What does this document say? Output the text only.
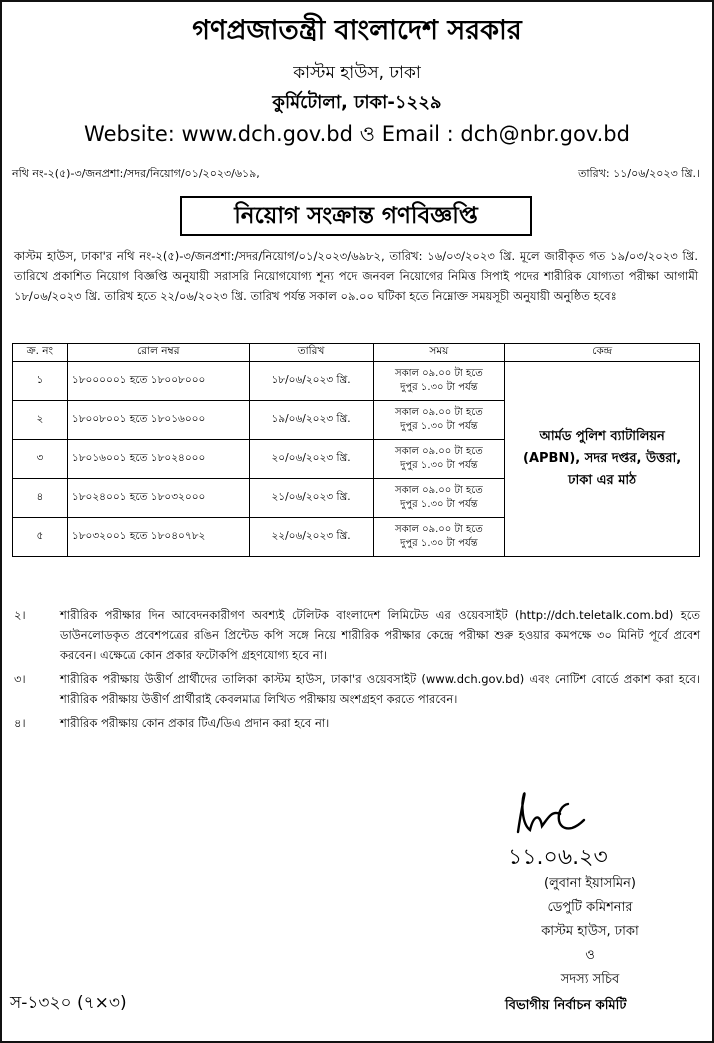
গণপ্রজাতন্ত্রী বাংলাদেশ সরকার
কাস্টম হাউস, ঢাকা
কুর্মিটোলা, ঢাকা-১২২৯
Website: www.dch.gov.bd ও Email : dch@nbr.gov.bd
নথি নং-২(৫)-৩/জনপ্রশা:/সদর/নিয়োগ/০১/২০২৩/৬১৯,	তারিখ: ১১/০৬/২০২৩ খ্রি.।
নিয়োগ সংক্রান্ত গণবিজ্ঞপ্তি
কাস্টম হাউস, ঢাকা'র নথি নং-২(৫)-৩/জনপ্রশা:/সদর/নিয়োগ/০১/২০২৩/৬৯৮২, তারিখ: ১৬/০৩/২০২৩ খ্রি. মূলে জারীকৃত গত ১৯/০৩/২০২৩ খ্রি. তারিখে প্রকাশিত নিয়োগ বিজ্ঞপ্তি অনুযায়ী সরাসরি নিয়োগযোগ্য শূন্য পদে জনবল নিয়োগের নিমিত্ত সিপাই পদের শারীরিক যোগ্যতা পরীক্ষা আগামী ১৮/০৬/২০২৩ খ্রি. তারিখ হতে ২২/০৬/২০২৩ খ্রি. তারিখ পর্যন্ত সকাল ০৯.০০ ঘটিকা হতে নিম্নোক্ত সময়সূচী অনুযায়ী অনুষ্ঠিত হবেঃ
ক্র. নং	রোল নম্বর	তারিখ	সময়	কেন্দ্র
১	১৮০০০০০১ হতে ১৮০০৮০০০	১৮/০৬/২০২৩ খ্রি.	সকাল ০৯.০০ টা হতে
দুপুর ১.৩০ টা পর্যন্ত	আর্মড পুলিশ ব্যাটালিয়ন (APBN), সদর দপ্তর, উত্তরা, ঢাকা এর মাঠ
২	১৮০০৮০০১ হতে ১৮০১৬০০০	১৯/০৬/২০২৩ খ্রি.	সকাল ০৯.০০ টা হতে
দুপুর ১.৩০ টা পর্যন্ত	

৩	১৮০১৬০০১ হতে ১৮০২৪০০০	২০/০৬/২০২৩ খ্রি.	সকাল ০৯.০০ টা হতে
দুপুর ১.৩০ টা পর্যন্ত	

৪	১৮০২৪০০১ হতে ১৮০৩২০০০	২১/০৬/২০২৩ খ্রি.	সকাল ০৯.০০ টা হতে
দুপুর ১.৩০ টা পর্যন্ত	

৫	১৮০৩২০০১ হতে ১৮০৪০৭৮২	২২/০৬/২০২৩ খ্রি.	সকাল ০৯.০০ টা হতে
দুপুর ১.৩০ টা পর্যন্ত	
২।	শারীরিক পরীক্ষার দিন আবেদনকারীগণ অবশ্যই টেলিটক বাংলাদেশ লিমিটেড এর ওয়েবসাইট (http://dch.teletalk.com.bd) হতে ডাউনলোডকৃত প্রবেশপত্রের রঙিন প্রিন্টেড কপি সঙ্গে নিয়ে শারীরিক পরীক্ষার কেন্দ্রে পরীক্ষা শুরু হওয়ার কমপক্ষে ৩০ মিনিট পূর্বে প্রবেশ করবেন। এক্ষেত্রে কোন প্রকার ফটোকপি গ্রহণযোগ্য হবে না।
৩।	শারীরিক পরীক্ষায় উত্তীর্ণ প্রার্থীদের তালিকা কাস্টম হাউস, ঢাকা'র ওয়েবসাইট (www.dch.gov.bd) এবং নোটিশ বোর্ডে প্রকাশ করা হবে। শারীরিক পরীক্ষায় উত্তীর্ণ প্রার্থীরাই কেবলমাত্র লিখিত পরীক্ষায় অংশগ্রহণ করতে পারবেন।
৪।	শারীরিক পরীক্ষায় কোন প্রকার টিএ/ডিএ প্রদান করা হবে না।
১১.০৬.২৩
(লুবানা ইয়াসমিন)
ডেপুটি কমিশনার
কাস্টম হাউস, ঢাকা
ও
সদস্য সচিব
স-১৩২০ (৭×৩)	বিভাগীয় নির্বাচন কমিটি
